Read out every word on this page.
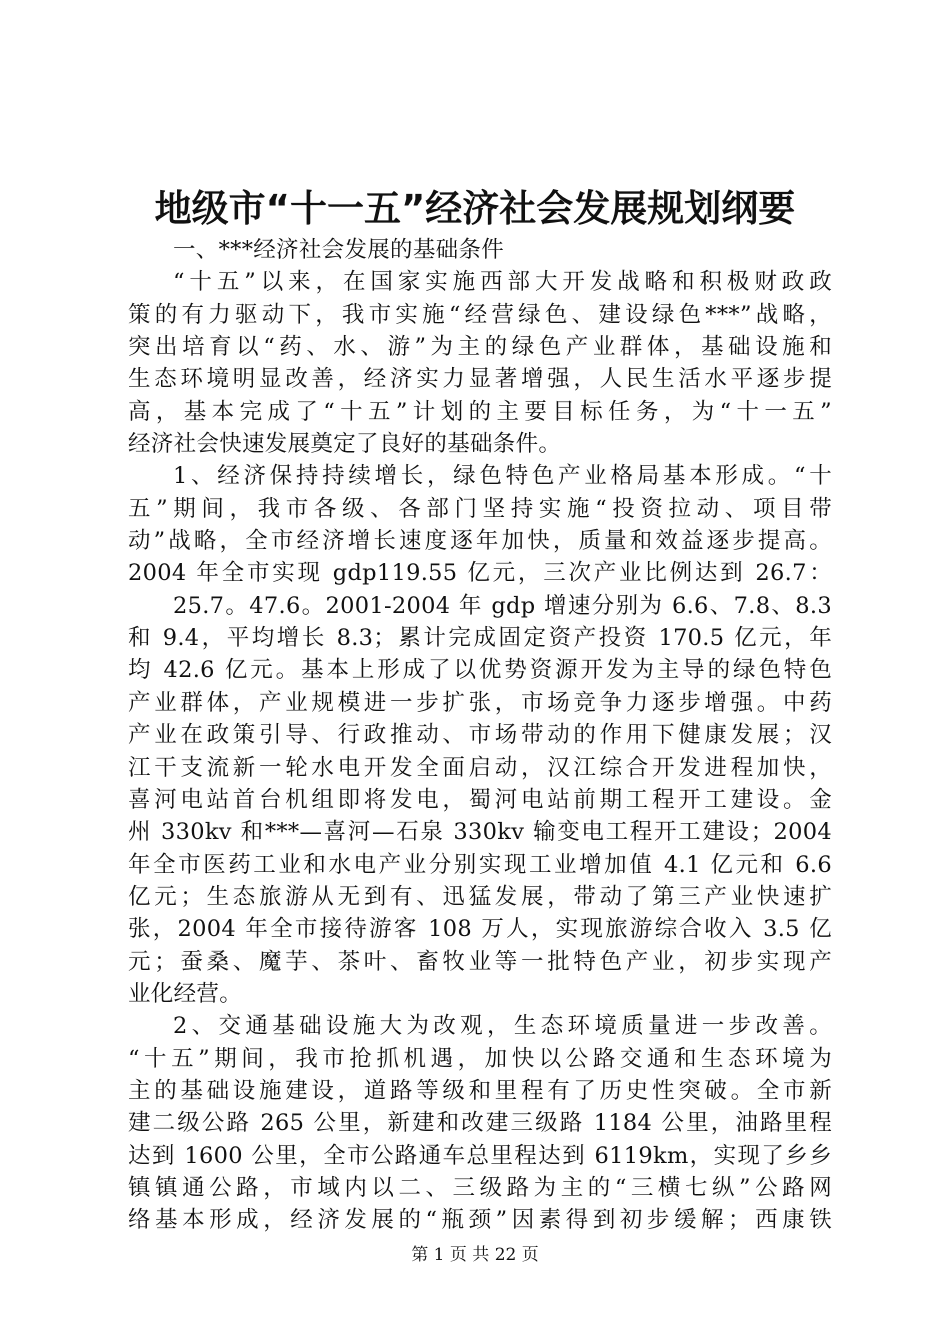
地级市“十一五”经济社会发展规划纲要
一、***经济社会发展的基础条件
“十五”以来，在国家实施西部大开发战略和积极财政政
策的有力驱动下，我市实施“经营绿色、建设绿色***”战略，
突出培育以“药、水、游”为主的绿色产业群体，基础设施和
生态环境明显改善，经济实力显著增强，人民生活水平逐步提
高，基本完成了“十五”计划的主要目标任务，为“十一五”
经济社会快速发展奠定了良好的基础条件。
1、经济保持持续增长，绿色特色产业格局基本形成。“十
五”期间，我市各级、各部门坚持实施“投资拉动、项目带
动”战略，全市经济增长速度逐年加快，质量和效益逐步提高。
2004 年全市实现 gdp119.55 亿元，三次产业比例达到 26.7：
25.7。47.6。2001-2004 年 gdp 增速分别为 6.6、7.8、8.3
和 9.4，平均增长 8.3；累计完成固定资产投资 170.5 亿元，年
均 42.6 亿元。基本上形成了以优势资源开发为主导的绿色特色
产业群体，产业规模进一步扩张，市场竞争力逐步增强。中药
产业在政策引导、行政推动、市场带动的作用下健康发展；汉
江干支流新一轮水电开发全面启动，汉江综合开发进程加快，
喜河电站首台机组即将发电，蜀河电站前期工程开工建设。金
州 330kv 和***—喜河—石泉 330kv 输变电工程开工建设；2004
年全市医药工业和水电产业分别实现工业增加值 4.1 亿元和 6.6
亿元；生态旅游从无到有、迅猛发展，带动了第三产业快速扩
张，2004 年全市接待游客 108 万人，实现旅游综合收入 3.5 亿
元；蚕桑、魔芋、茶叶、畜牧业等一批特色产业，初步实现产
业化经营。
2、交通基础设施大为改观，生态环境质量进一步改善。
“十五”期间，我市抢抓机遇，加快以公路交通和生态环境为
主的基础设施建设，道路等级和里程有了历史性突破。全市新
建二级公路 265 公里，新建和改建三级路 1184 公里，油路里程
达到 1600 公里，全市公路通车总里程达到 6119km，实现了乡乡
镇镇通公路，市域内以二、三级路为主的“三横七纵”公路网
络基本形成，经济发展的“瓶颈”因素得到初步缓解；西康铁
第 1 页 共 22 页
